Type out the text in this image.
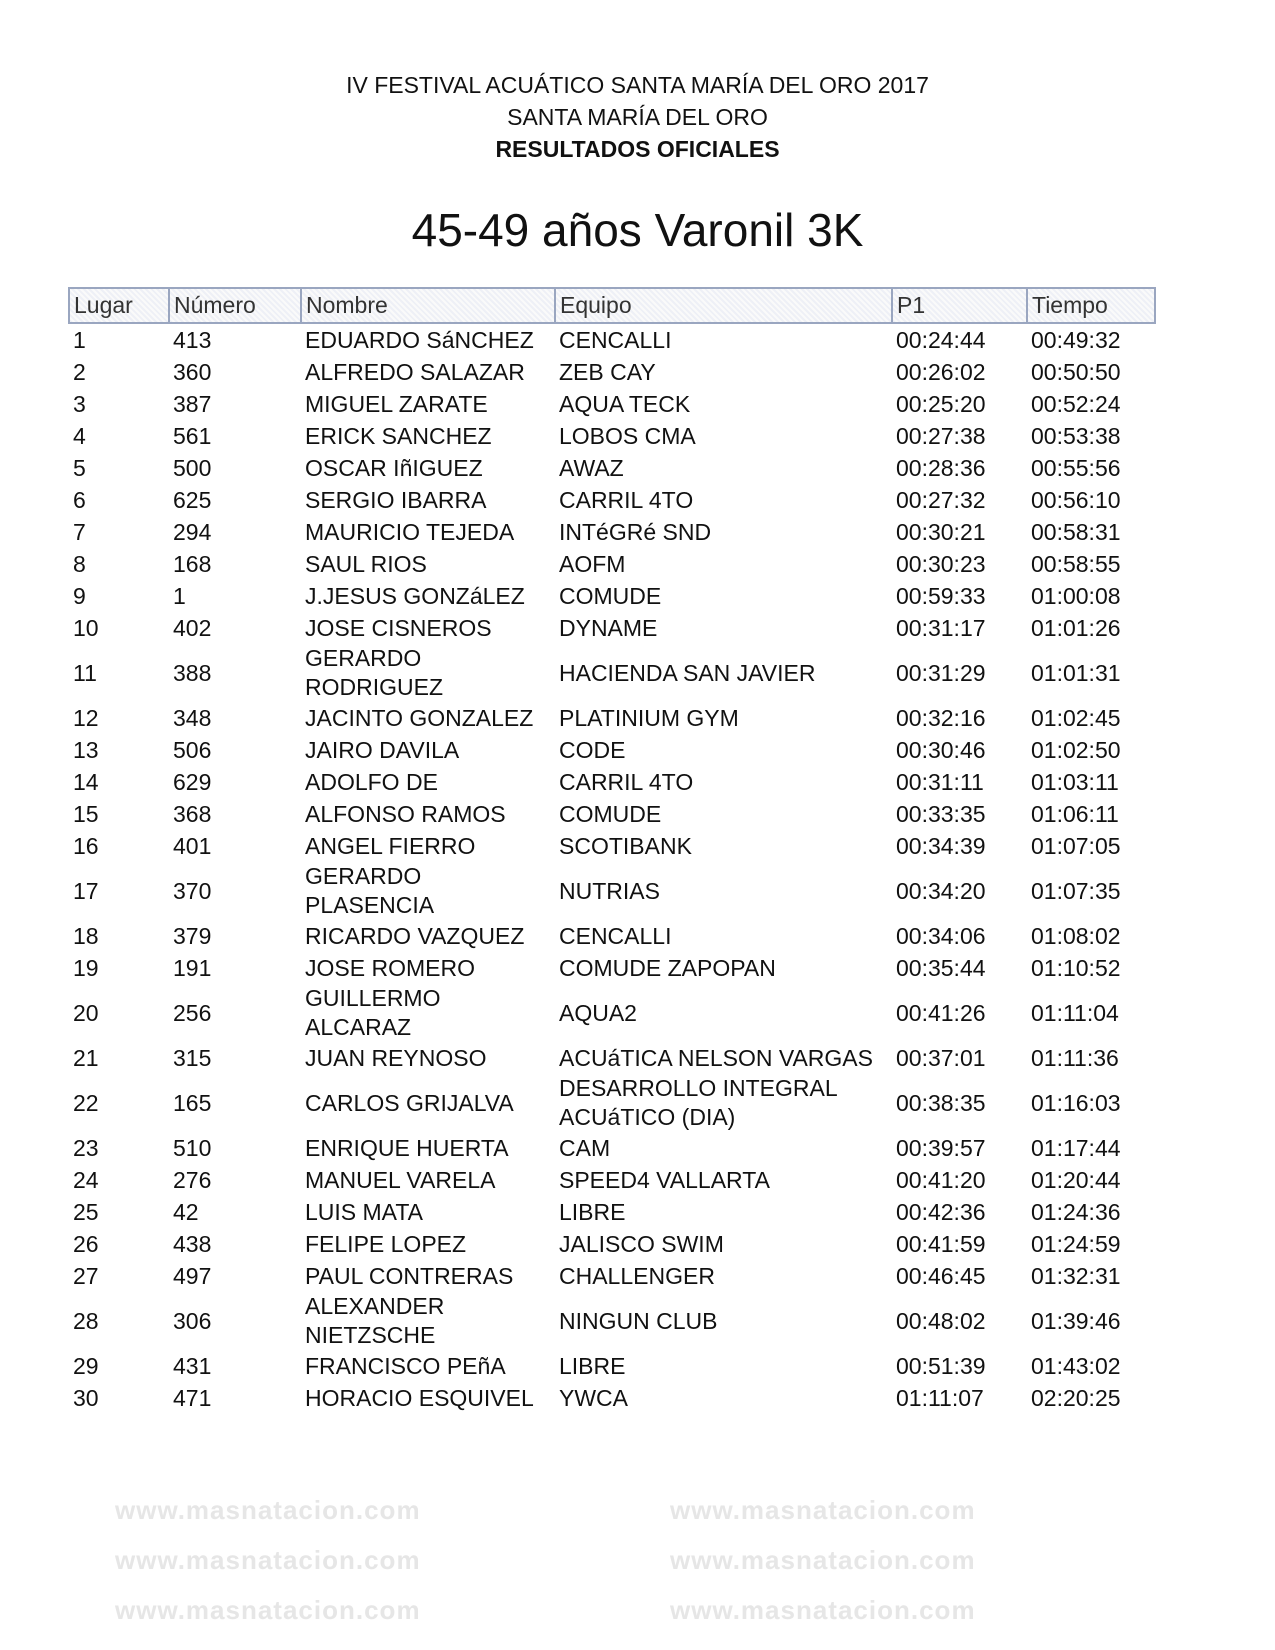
IV FESTIVAL ACUÁTICO SANTA MARÍA DEL ORO 2017
SANTA MARÍA DEL ORO
RESULTADOS OFICIALES
45-49 años Varonil 3K
Lugar	Número	Nombre	Equipo	P1	Tiempo
1	413	EDUARDO SáNCHEZ	CENCALLI	00:24:44	00:49:32
2	360	ALFREDO SALAZAR	ZEB CAY	00:26:02	00:50:50
3	387	MIGUEL ZARATE	AQUA TECK	00:25:20	00:52:24
4	561	ERICK SANCHEZ	LOBOS CMA	00:27:38	00:53:38
5	500	OSCAR IñIGUEZ	AWAZ	00:28:36	00:55:56
6	625	SERGIO IBARRA	CARRIL 4TO	00:27:32	00:56:10
7	294	MAURICIO TEJEDA	INTéGRé SND	00:30:21	00:58:31
8	168	SAUL RIOS	AOFM	00:30:23	00:58:55
9	1	J.JESUS GONZáLEZ	COMUDE	00:59:33	01:00:08
10	402	JOSE CISNEROS	DYNAME	00:31:17	01:01:26
11	388	GERARDO RODRIGUEZ	HACIENDA SAN JAVIER	00:31:29	01:01:31
12	348	JACINTO GONZALEZ	PLATINIUM GYM	00:32:16	01:02:45
13	506	JAIRO DAVILA	CODE	00:30:46	01:02:50
14	629	ADOLFO DE	CARRIL 4TO	00:31:11	01:03:11
15	368	ALFONSO RAMOS	COMUDE	00:33:35	01:06:11
16	401	ANGEL FIERRO	SCOTIBANK	00:34:39	01:07:05
17	370	GERARDO PLASENCIA	NUTRIAS	00:34:20	01:07:35
18	379	RICARDO VAZQUEZ	CENCALLI	00:34:06	01:08:02
19	191	JOSE ROMERO	COMUDE ZAPOPAN	00:35:44	01:10:52
20	256	GUILLERMO ALCARAZ	AQUA2	00:41:26	01:11:04
21	315	JUAN REYNOSO	ACUáTICA NELSON VARGAS	00:37:01	01:11:36
22	165	CARLOS GRIJALVA	DESARROLLO INTEGRAL ACUáTICO (DIA)	00:38:35	01:16:03
23	510	ENRIQUE HUERTA	CAM	00:39:57	01:17:44
24	276	MANUEL VARELA	SPEED4 VALLARTA	00:41:20	01:20:44
25	42	LUIS MATA	LIBRE	00:42:36	01:24:36
26	438	FELIPE LOPEZ	JALISCO SWIM	00:41:59	01:24:59
27	497	PAUL CONTRERAS	CHALLENGER	00:46:45	01:32:31
28	306	ALEXANDER NIETZSCHE	NINGUN CLUB	00:48:02	01:39:46
29	431	FRANCISCO PEñA	LIBRE	00:51:39	01:43:02
30	471	HORACIO ESQUIVEL	YWCA	01:11:07	02:20:25
www.masnatacion.com	www.masnatacion.com
www.masnatacion.com	www.masnatacion.com
www.masnatacion.com	www.masnatacion.com
